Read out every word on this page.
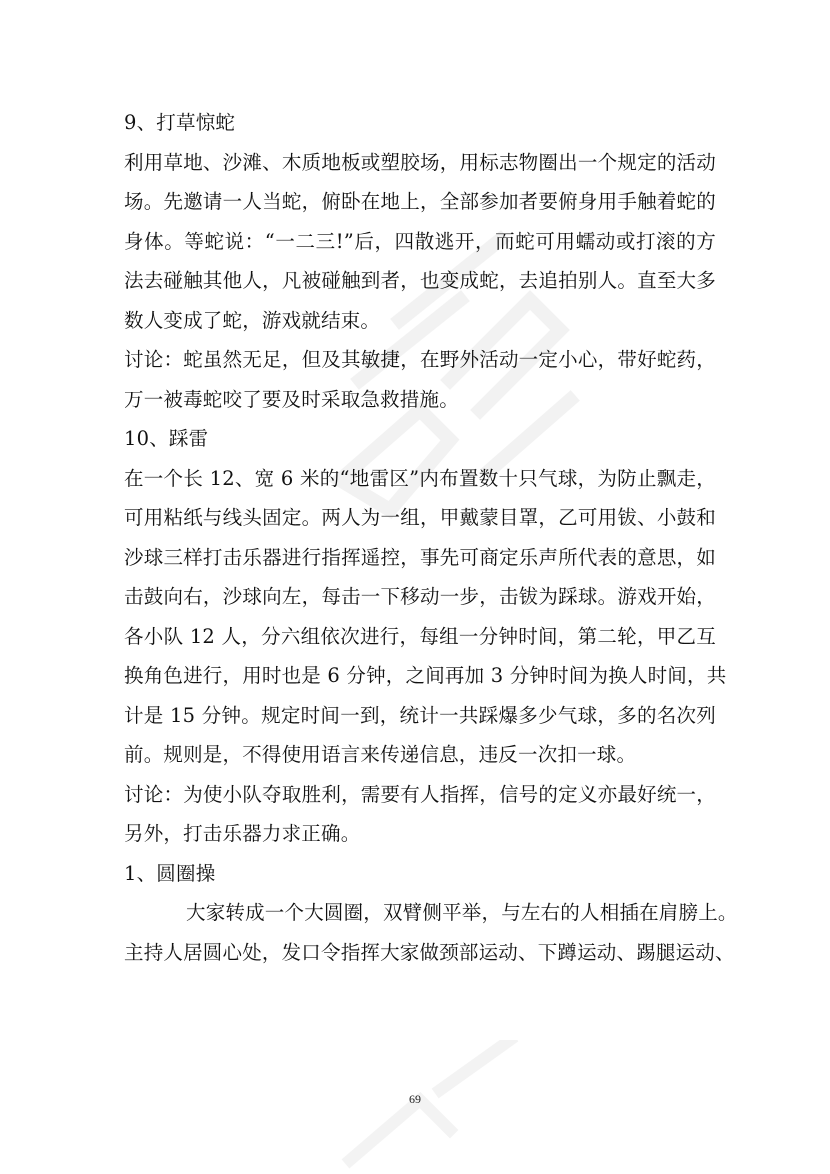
9、打草惊蛇
利用草地、沙滩、木质地板或塑胶场，用标志物圈出一个规定的活动
场。先邀请一人当蛇，俯卧在地上，全部参加者要俯身用手触着蛇的
身体。等蛇说：“一二三!”后，四散逃开，而蛇可用蠕动或打滚的方
法去碰触其他人，凡被碰触到者，也变成蛇，去追拍别人。直至大多
数人变成了蛇，游戏就结束。
讨论：蛇虽然无足，但及其敏捷，在野外活动一定小心，带好蛇药，
万一被毒蛇咬了要及时采取急救措施。
10、踩雷
在一个长 12、宽 6 米的“地雷区”内布置数十只气球，为防止飘走，
可用粘纸与线头固定。两人为一组，甲戴蒙目罩，乙可用钹、小鼓和
沙球三样打击乐器进行指挥遥控，事先可商定乐声所代表的意思，如
击鼓向右，沙球向左，每击一下移动一步，击钹为踩球。游戏开始，
各小队 12 人，分六组依次进行，每组一分钟时间，第二轮，甲乙互
换角色进行，用时也是 6 分钟，之间再加 3 分钟时间为换人时间，共
计是 15 分钟。规定时间一到，统计一共踩爆多少气球，多的名次列
前。规则是，不得使用语言来传递信息，违反一次扣一球。
讨论：为使小队夺取胜利，需要有人指挥，信号的定义亦最好统一，
另外，打击乐器力求正确。
1、圆圈操
大家转成一个大圆圈，双臂侧平举，与左右的人相插在肩膀上。
主持人居圆心处，发口令指挥大家做颈部运动、下蹲运动、踢腿运动、
69
